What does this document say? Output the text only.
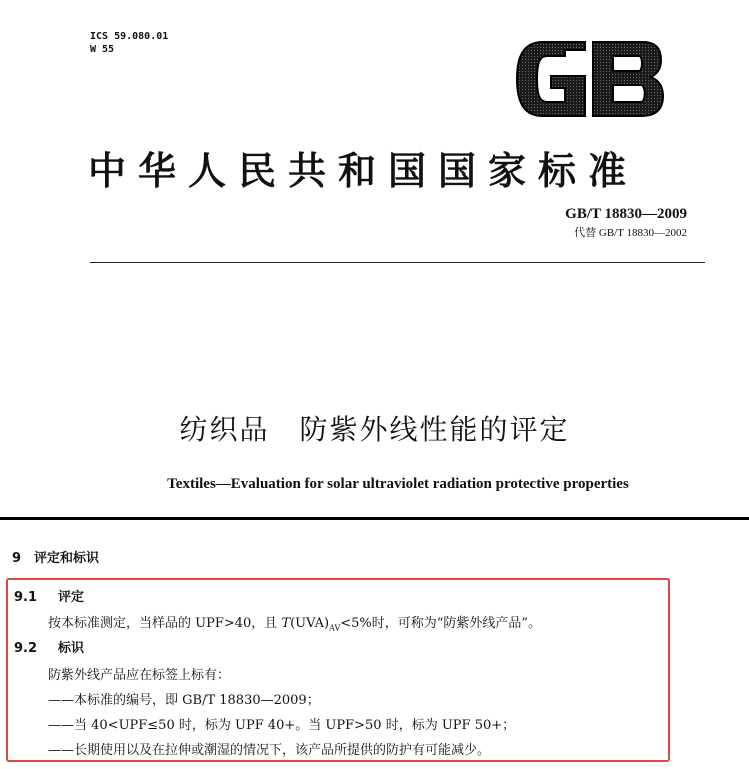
ICS 59.080.01
W 55
中华人民共和国国家标准
GB/T 18830—2009
代替 GB/T 18830—2002
纺织品　防紫外线性能的评定
Textiles—Evaluation for solar ultraviolet radiation protective properties
9　评定和标识
9.1 评定
按本标准测定，当样品的 UPF>40，且 $T(UVA)_{AV}<5\%$时，可称为“防紫外线产品”。
9.2 标识
防紫外线产品应在标签上标有：
——本标准的编号，即 GB/T 18830—2009；
——当 40<UPF≤50 时，标为 UPF 40+。当 UPF>50 时，标为 UPF 50+；
——长期使用以及在拉伸或潮湿的情况下，该产品所提供的防护有可能减少。
